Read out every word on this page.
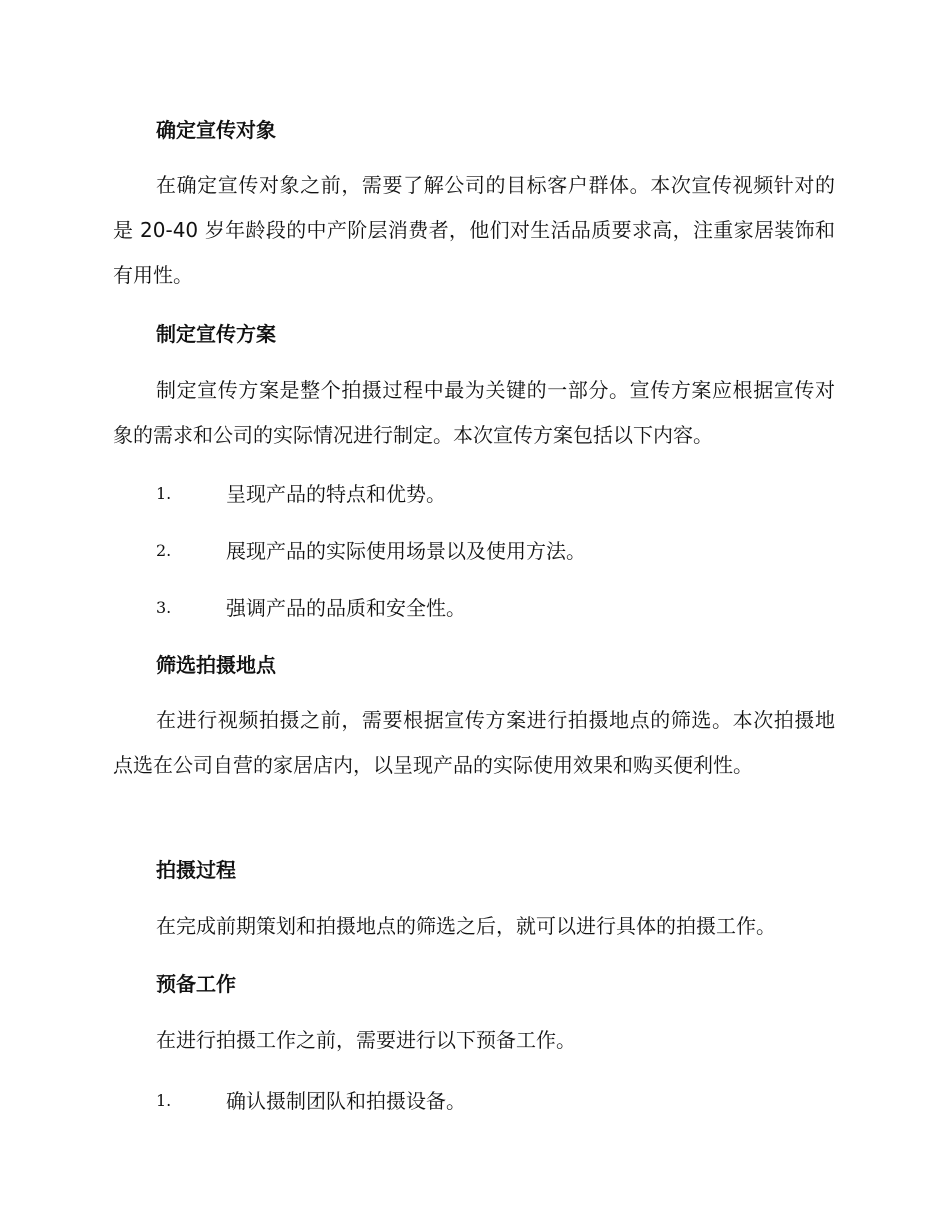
确定宣传对象

在确定宣传对象之前，需要了解公司的目标客户群体。本次宣传视频针对的是 20-40 岁年龄段的中产阶层消费者，他们对生活品质要求高，注重家居装饰和有用性。

制定宣传方案

制定宣传方案是整个拍摄过程中最为关键的一部分。宣传方案应根据宣传对象的需求和公司的实际情况进行制定。本次宣传方案包括以下内容。

1.	呈现产品的特点和优势。
2.	展现产品的实际使用场景以及使用方法。
3.	强调产品的品质和安全性。
筛选拍摄地点

在进行视频拍摄之前，需要根据宣传方案进行拍摄地点的筛选。本次拍摄地点选在公司自营的家居店内，以呈现产品的实际使用效果和购买便利性。

拍摄过程

在完成前期策划和拍摄地点的筛选之后，就可以进行具体的拍摄工作。

预备工作

在进行拍摄工作之前，需要进行以下预备工作。

1.	确认摄制团队和拍摄设备。
